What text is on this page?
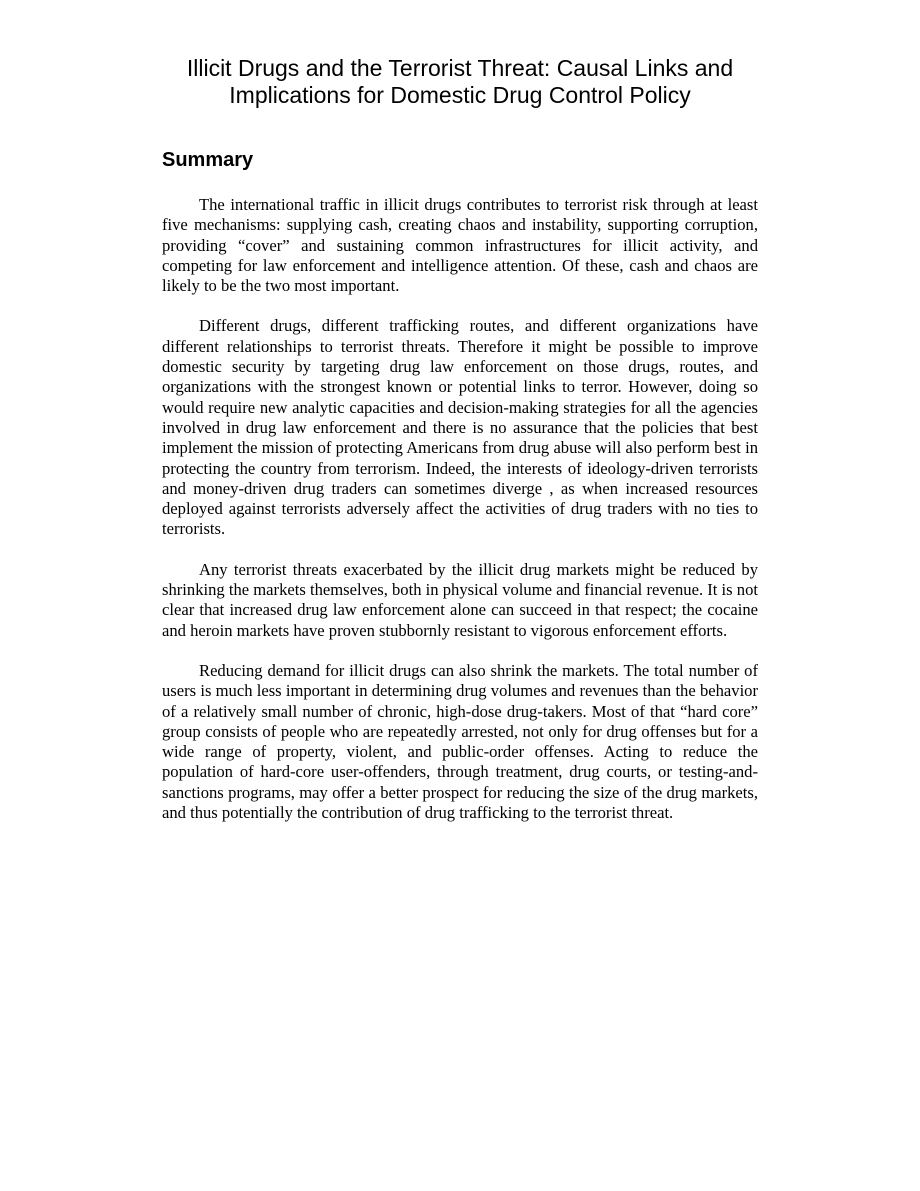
Illicit Drugs and the Terrorist Threat: Causal Links and
Implications for Domestic Drug Control Policy
Summary

The international traffic in illicit drugs contributes to terrorist risk through at least five mechanisms: supplying cash, creating chaos and instability, supporting corruption, providing “cover” and sustaining common infrastructures for illicit activity, and competing for law enforcement and intelligence attention. Of these, cash and chaos are likely to be the two most important.

Different drugs, different trafficking routes, and different organizations have different relationships to terrorist threats. Therefore it might be possible to improve domestic security by targeting drug law enforcement on those drugs, routes, and organizations with the strongest known or potential links to terror. However, doing so would require new analytic capacities and decision-making strategies for all the agencies involved in drug law enforcement and there is no assurance that the policies that best implement the mission of protecting Americans from drug abuse will also perform best in protecting the country from terrorism. Indeed, the interests of ideology-driven terrorists and money-driven drug traders can sometimes diverge , as when increased resources deployed against terrorists adversely affect the activities of drug traders with no ties to terrorists.

Any terrorist threats exacerbated by the illicit drug markets might be reduced by shrinking the markets themselves, both in physical volume and financial revenue. It is not clear that increased drug law enforcement alone can succeed in that respect; the cocaine and heroin markets have proven stubbornly resistant to vigorous enforcement efforts.

Reducing demand for illicit drugs can also shrink the markets. The total number of users is much less important in determining drug volumes and revenues than the behavior of a relatively small number of chronic, high-dose drug-takers. Most of that “hard core” group consists of people who are repeatedly arrested, not only for drug offenses but for a wide range of property, violent, and public-order offenses. Acting to reduce the population of hard-core user-offenders, through treatment, drug courts, or testing-and-sanctions programs, may offer a better prospect for reducing the size of the drug markets, and thus potentially the contribution of drug trafficking to the terrorist threat.
